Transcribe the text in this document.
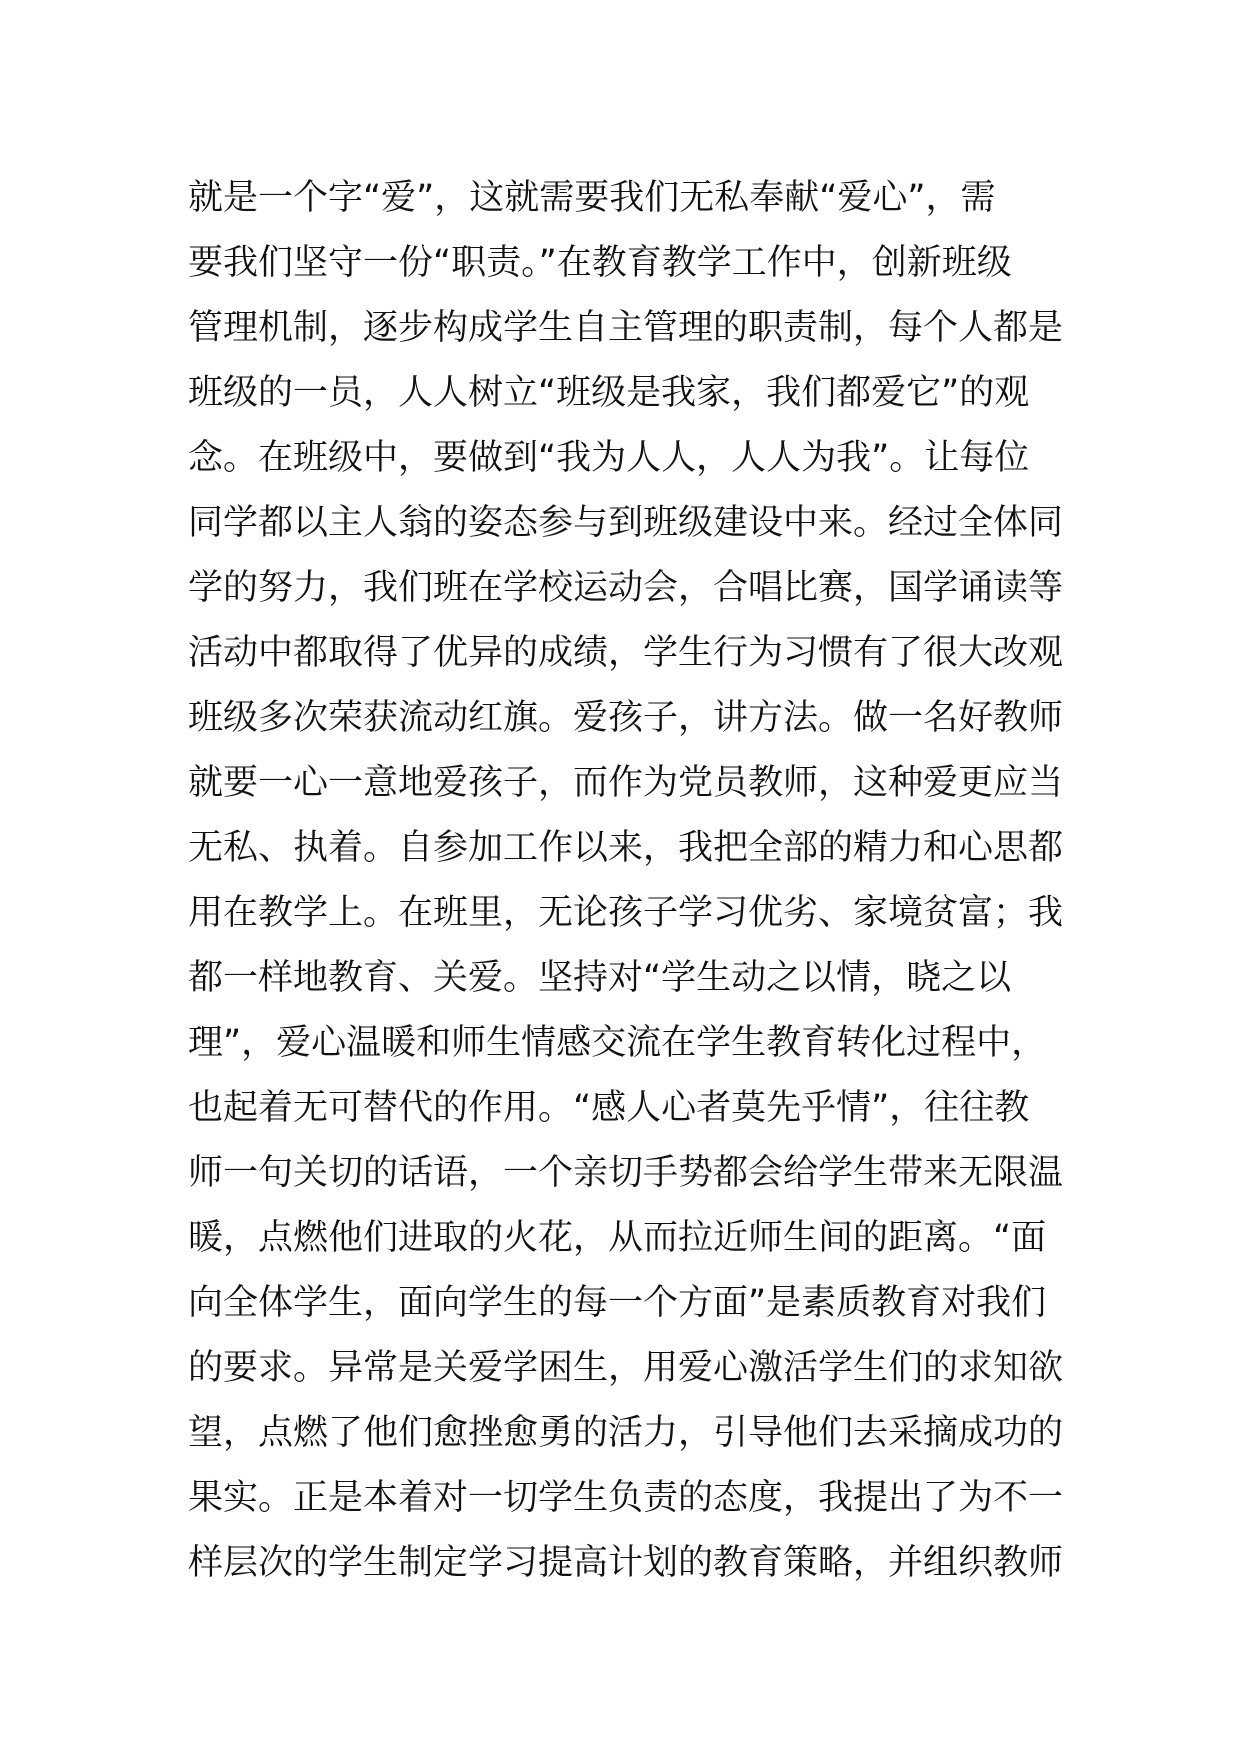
就是一个字“爱”，这就需要我们无私奉献“爱心”，需
要我们坚守一份“职责。”在教育教学工作中，创新班级
管理机制，逐步构成学生自主管理的职责制，每个人都是
班级的一员，人人树立“班级是我家，我们都爱它”的观
念。在班级中，要做到“我为人人，人人为我”。让每位
同学都以主人翁的姿态参与到班级建设中来。经过全体同
学的努力，我们班在学校运动会，合唱比赛，国学诵读等
活动中都取得了优异的成绩，学生行为习惯有了很大改观
班级多次荣获流动红旗。爱孩子，讲方法。做一名好教师
就要一心一意地爱孩子，而作为党员教师，这种爱更应当
无私、执着。自参加工作以来，我把全部的精力和心思都
用在教学上。在班里，无论孩子学习优劣、家境贫富；我
都一样地教育、关爱。坚持对“学生动之以情，晓之以
理”，爱心温暖和师生情感交流在学生教育转化过程中，
也起着无可替代的作用。“感人心者莫先乎情”，往往教
师一句关切的话语，一个亲切手势都会给学生带来无限温
暖，点燃他们进取的火花，从而拉近师生间的距离。“面
向全体学生，面向学生的每一个方面”是素质教育对我们
的要求。异常是关爱学困生，用爱心激活学生们的求知欲
望，点燃了他们愈挫愈勇的活力，引导他们去采摘成功的
果实。正是本着对一切学生负责的态度，我提出了为不一
样层次的学生制定学习提高计划的教育策略，并组织教师
